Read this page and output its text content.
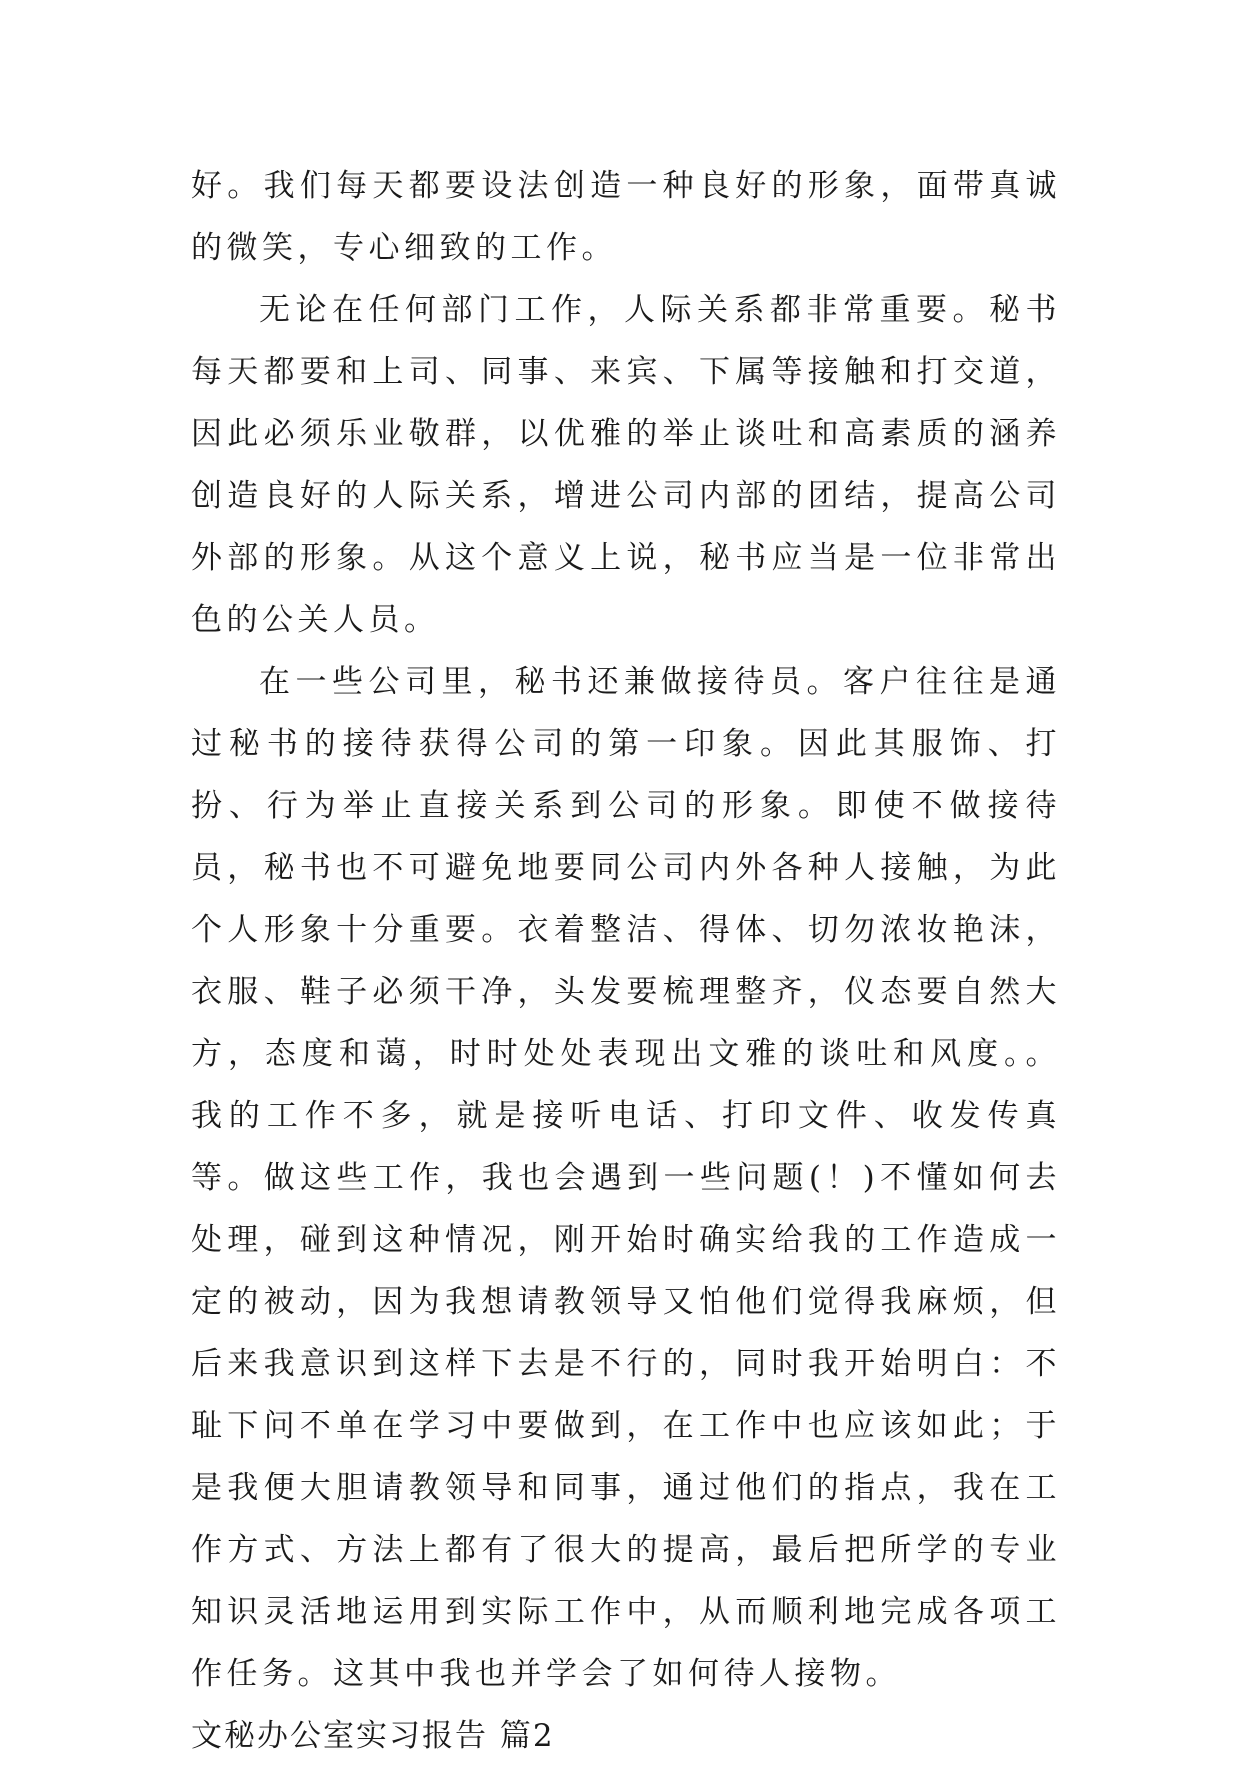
好。我们每天都要设法创造一种良好的形象，面带真诚的微笑，专心细致的工作。

无论在任何部门工作，人际关系都非常重要。秘书每天都要和上司、同事、来宾、下属等接触和打交道，因此必须乐业敬群，以优雅的举止谈吐和高素质的涵养创造良好的人际关系，增进公司内部的团结，提高公司外部的形象。从这个意义上说，秘书应当是一位非常出色的公关人员。

在一些公司里，秘书还兼做接待员。客户往往是通过秘书的接待获得公司的第一印象。因此其服饰、打扮、行为举止直接关系到公司的形象。即使不做接待员，秘书也不可避免地要同公司内外各种人接触，为此个人形象十分重要。衣着整洁、得体、切勿浓妆艳沫，衣服、鞋子必须干净，头发要梳理整齐，仪态要自然大方，态度和蔼，时时处处表现出文雅的谈吐和风度。。我的工作不多，就是接听电话、打印文件、收发传真等。做这些工作，我也会遇到一些问题(！)不懂如何去处理，碰到这种情况，刚开始时确实给我的工作造成一定的被动，因为我想请教领导又怕他们觉得我麻烦，但后来我意识到这样下去是不行的，同时我开始明白：不耻下问不单在学习中要做到，在工作中也应该如此；于是我便大胆请教领导和同事，通过他们的指点，我在工作方式、方法上都有了很大的提高，最后把所学的专业知识灵活地运用到实际工作中，从而顺利地完成各项工作任务。这其中我也并学会了如何待人接物。

文秘办公室实习报告 篇2
